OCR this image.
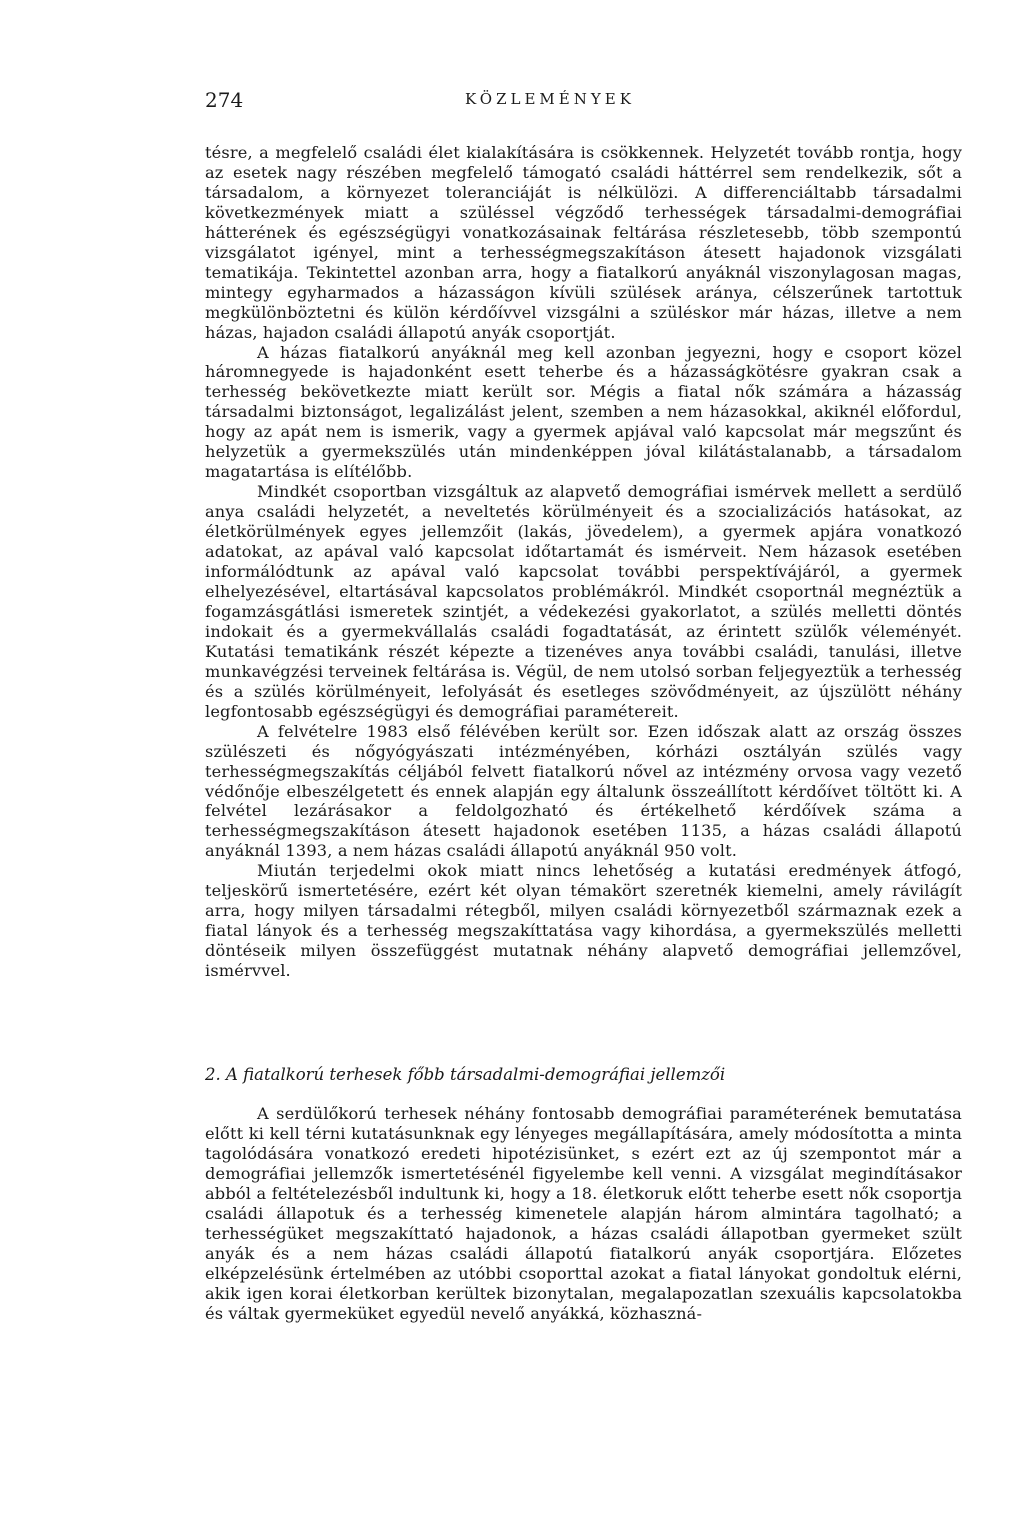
274	KÖZLEMÉNYEK

tésre, a megfelelő családi élet kialakítására is csökkennek. Helyzetét tovább rontja, hogy az esetek nagy részében megfelelő támogató családi háttérrel sem rendelkezik, sőt a társadalom, a környezet toleranciáját is nélkülözi. A differenciáltabb társadalmi következmények miatt a szüléssel végződő terhességek társadalmi-demográfiai hátterének és egészségügyi vonatkozásainak feltárása részletesebb, több szempontú vizsgálatot igényel, mint a terhességmegszakításon átesett hajadonok vizsgálati tematikája. Tekintettel azonban arra, hogy a fiatalkorú anyáknál viszonylagosan magas, mintegy egyharmados a házasságon kívüli szülések aránya, célszerűnek tartottuk megkülönböztetni és külön kérdőívvel vizsgálni a szüléskor már házas, illetve a nem házas, hajadon családi állapotú anyák csoportját.

A házas fiatalkorú anyáknál meg kell azonban jegyezni, hogy e csoport közel háromnegyede is hajadonként esett teherbe és a házasságkötésre gyakran csak a terhesség bekövetkezte miatt került sor. Mégis a fiatal nők számára a házasság társadalmi biztonságot, legalizálást jelent, szemben a nem házasokkal, akiknél előfordul, hogy az apát nem is ismerik, vagy a gyermek apjával való kapcsolat már megszűnt és helyzetük a gyermekszülés után mindenképpen jóval kilátástalanabb, a társadalom magatartása is elítélőbb.

Mindkét csoportban vizsgáltuk az alapvető demográfiai ismérvek mellett a serdülő anya családi helyzetét, a neveltetés körülményeit és a szocializációs hatásokat, az életkörülmények egyes jellemzőit (lakás, jövedelem), a gyermek apjára vonatkozó adatokat, az apával való kapcsolat időtartamát és ismérveit. Nem házasok esetében informálódtunk az apával való kapcsolat további perspektívájáról, a gyermek elhelyezésével, eltartásával kapcsolatos problémákról. Mindkét csoportnál megnéztük a fogamzásgátlási ismeretek szintjét, a védekezési gyakorlatot, a szülés melletti döntés indokait és a gyermekvállalás családi fogadtatását, az érintett szülők véleményét. Kutatási tematikánk részét képezte a tizenéves anya további családi, tanulási, illetve munkavégzési terveinek feltárása is. Végül, de nem utolsó sorban feljegyeztük a terhesség és a szülés körülményeit, lefolyását és esetleges szövődményeit, az újszülött néhány legfontosabb egészségügyi és demográfiai paramétereit.

A felvételre 1983 első félévében került sor. Ezen időszak alatt az ország összes szülészeti és nőgyógyászati intézményében, kórházi osztályán szülés vagy terhességmegszakítás céljából felvett fiatalkorú nővel az intézmény orvosa vagy vezető védőnője elbeszélgetett és ennek alapján egy általunk összeállított kérdőívet töltött ki. A felvétel lezárásakor a feldolgozható és értékelhető kérdőívek száma a terhességmegszakításon átesett hajadonok esetében 1135, a házas családi állapotú anyáknál 1393, a nem házas családi állapotú anyáknál 950 volt.

Miután terjedelmi okok miatt nincs lehetőség a kutatási eredmények átfogó, teljeskörű ismertetésére, ezért két olyan témakört szeretnék kiemelni, amely rávilágít arra, hogy milyen társadalmi rétegből, milyen családi környezetből származnak ezek a fiatal lányok és a terhesség megszakíttatása vagy kihordása, a gyermekszülés melletti döntéseik milyen összefüggést mutatnak néhány alapvető demográfiai jellemzővel, ismérvvel.

2. A fiatalkorú terhesek főbb társadalmi-demográfiai jellemzői

A serdülőkorú terhesek néhány fontosabb demográfiai paraméterének bemutatása előtt ki kell térni kutatásunknak egy lényeges megállapítására, amely módosította a minta tagolódására vonatkozó eredeti hipotézisünket, s ezért ezt az új szempontot már a demográfiai jellemzők ismertetésénél figyelembe kell venni. A vizsgálat megindításakor abból a feltételezésből indultunk ki, hogy a 18. életkoruk előtt teherbe esett nők csoportja családi állapotuk és a terhesség kimenetele alapján három almintára tagolható; a terhességüket megszakíttató hajadonok, a házas családi állapotban gyermeket szült anyák és a nem házas családi állapotú fiatalkorú anyák csoportjára. Előzetes elképzelésünk értelmében az utóbbi csoporttal azokat a fiatal lányokat gondoltuk elérni, akik igen korai életkorban kerültek bizonytalan, megalapozatlan szexuális kapcsolatokba és váltak gyermeküket egyedül nevelő anyákká, közhaszná-
